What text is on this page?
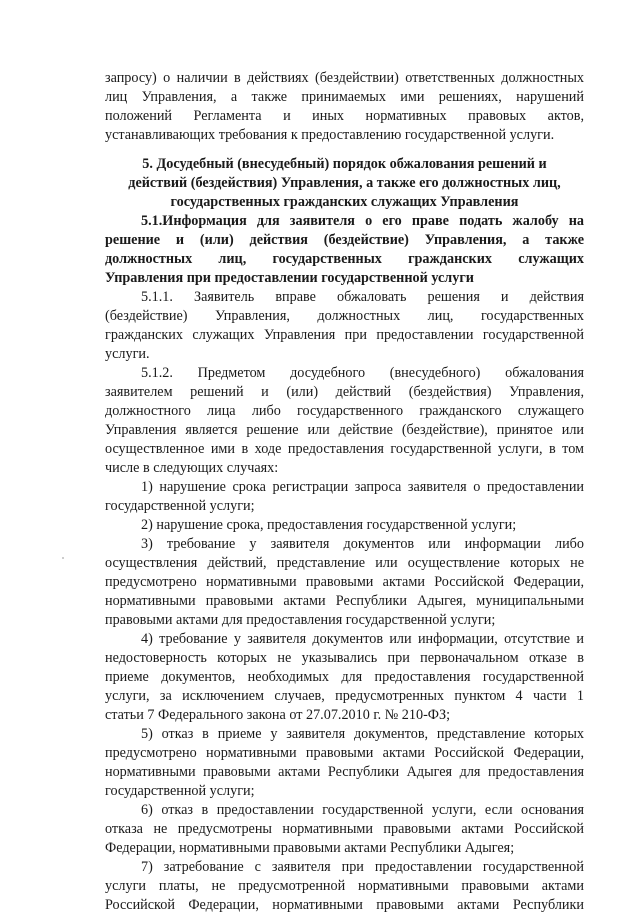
запросу) о наличии в действиях (бездействии) ответственных должностных
лиц Управления, а также принимаемых ими решениях, нарушений
положений Регламента и иных нормативных правовых актов,
устанавливающих требования к предоставлению государственной услуги.
5. Досудебный (внесудебный) порядок обжалования решений и
действий (бездействия) Управления, а также его должностных лиц,
государственных гражданских служащих Управления
5.1.Информация для заявителя о его праве подать жалобу на
решение и (или) действия (бездействие) Управления, а также
должностных лиц, государственных гражданских служащих
Управления при предоставлении государственной услуги
5.1.1. Заявитель вправе обжаловать решения и действия
(бездействие) Управления, должностных лиц, государственных
гражданских служащих Управления при предоставлении государственной
услуги.
5.1.2. Предметом досудебного (внесудебного) обжалования
заявителем решений и (или) действий (бездействия) Управления,
должностного лица либо государственного гражданского служащего
Управления является решение или действие (бездействие), принятое или
осуществленное ими в ходе предоставления государственной услуги, в том
числе в следующих случаях:
1) нарушение срока регистрации запроса заявителя о предоставлении
государственной услуги;
2) нарушение срока, предоставления государственной услуги;
3) требование у заявителя документов или информации либо
осуществления действий, представление или осуществление которых не
предусмотрено нормативными правовыми актами Российской Федерации,
нормативными правовыми актами Республики Адыгея, муниципальными
правовыми актами для предоставления государственной услуги;
4) требование у заявителя документов или информации, отсутствие и
недостоверность которых не указывались при первоначальном отказе в
приеме документов, необходимых для предоставления государственной
услуги, за исключением случаев, предусмотренных пунктом 4 части 1
статьи 7 Федерального закона от 27.07.2010 г. № 210-ФЗ;
5) отказ в приеме у заявителя документов, представление которых
предусмотрено нормативными правовыми актами Российской Федерации,
нормативными правовыми актами Республики Адыгея для предоставления
государственной услуги;
6) отказ в предоставлении государственной услуги, если основания
отказа не предусмотрены нормативными правовыми актами Российской
Федерации, нормативными правовыми актами Республики Адыгея;
7) затребование с заявителя при предоставлении государственной
услуги платы, не предусмотренной нормативными правовыми актами
Российской Федерации, нормативными правовыми актами Республики
